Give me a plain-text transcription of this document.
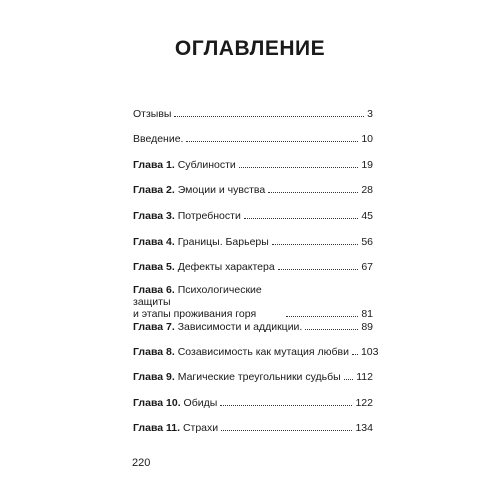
ОГЛАВЛЕНИЕ
Отзывы	3
Введение.	10
Глава 1. Сублиности	19
Глава 2. Эмоции и чувства	28
Глава 3. Потребности	45
Глава 4. Границы. Барьеры	56
Глава 5. Дефекты характера	67
Глава 6. Психологические защиты
и этапы проживания горя	81
Глава 7. Зависимости и аддикции.	89
Глава 8. Созависимость как мутация любви 103
Глава 9. Магические треугольники судьбы 112
Глава 10. Обиды	122
Глава 11. Страхи	134
220
